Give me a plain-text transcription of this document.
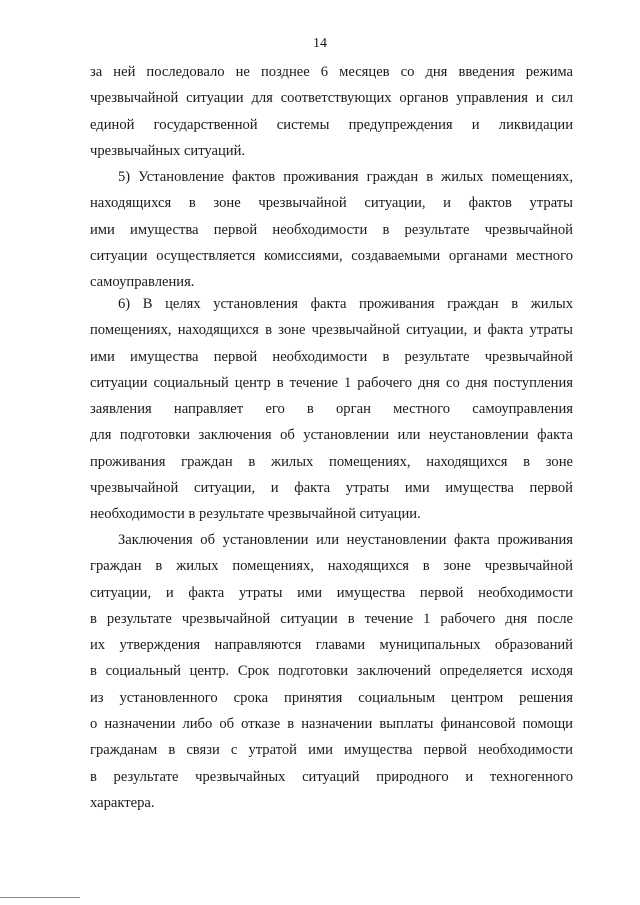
14
за ней последовало не позднее 6 месяцев со дня введения режима
чрезвычайной ситуации для соответствующих органов управления и сил
единой государственной системы предупреждения и ликвидации
чрезвычайных ситуаций.
5) Установление фактов проживания граждан в жилых помещениях,
находящихся в зоне чрезвычайной ситуации, и фактов утраты
ими имущества первой необходимости в результате чрезвычайной
ситуации осуществляется комиссиями, создаваемыми органами местного
самоуправления.
6) В целях установления факта проживания граждан в жилых
помещениях, находящихся в зоне чрезвычайной ситуации, и факта утраты
ими имущества первой необходимости в результате чрезвычайной
ситуации социальный центр в течение 1 рабочего дня со дня поступления
заявления направляет его в орган местного самоуправления
для подготовки заключения об установлении или неустановлении факта
проживания граждан в жилых помещениях, находящихся в зоне
чрезвычайной ситуации, и факта утраты ими имущества первой
необходимости в результате чрезвычайной ситуации.
Заключения об установлении или неустановлении факта проживания
граждан в жилых помещениях, находящихся в зоне чрезвычайной
ситуации, и факта утраты ими имущества первой необходимости
в результате чрезвычайной ситуации в течение 1 рабочего дня после
их утверждения направляются главами муниципальных образований
в социальный центр. Срок подготовки заключений определяется исходя
из установленного срока принятия социальным центром решения
о назначении либо об отказе в назначении выплаты финансовой помощи
гражданам в связи с утратой ими имущества первой необходимости
в результате чрезвычайных ситуаций природного и техногенного
характера.
